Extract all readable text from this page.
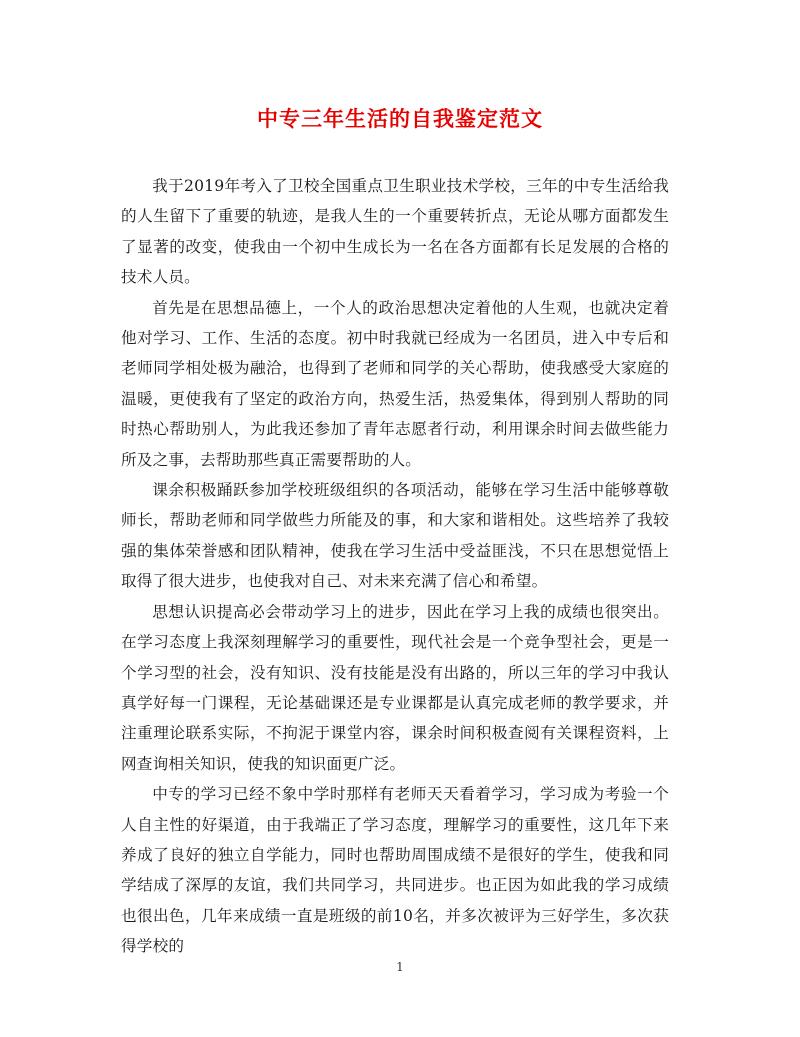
中专三年生活的自我鉴定范文

我于2019年考入了卫校全国重点卫生职业技术学校，三年的中专生活给我的人生留下了重要的轨迹，是我人生的一个重要转折点，无论从哪方面都发生了显著的改变，使我由一个初中生成长为一名在各方面都有长足发展的合格的技术人员。

首先是在思想品德上，一个人的政治思想决定着他的人生观，也就决定着他对学习、工作、生活的态度。初中时我就已经成为一名团员，进入中专后和老师同学相处极为融洽，也得到了老师和同学的关心帮助，使我感受大家庭的温暖，更使我有了坚定的政治方向，热爱生活，热爱集体，得到别人帮助的同时热心帮助别人，为此我还参加了青年志愿者行动，利用课余时间去做些能力所及之事，去帮助那些真正需要帮助的人。

课余积极踊跃参加学校班级组织的各项活动，能够在学习生活中能够尊敬师长，帮助老师和同学做些力所能及的事，和大家和谐相处。这些培养了我较强的集体荣誉感和团队精神，使我在学习生活中受益匪浅，不只在思想觉悟上取得了很大进步，也使我对自己、对未来充满了信心和希望。

思想认识提高必会带动学习上的进步，因此在学习上我的成绩也很突出。在学习态度上我深刻理解学习的重要性，现代社会是一个竞争型社会，更是一个学习型的社会，没有知识、没有技能是没有出路的，所以三年的学习中我认真学好每一门课程，无论基础课还是专业课都是认真完成老师的教学要求，并注重理论联系实际，不拘泥于课堂内容，课余时间积极查阅有关课程资料，上网查询相关知识，使我的知识面更广泛。

中专的学习已经不象中学时那样有老师天天看着学习，学习成为考验一个人自主性的好渠道，由于我端正了学习态度，理解学习的重要性，这几年下来养成了良好的独立自学能力，同时也帮助周围成绩不是很好的学生，使我和同学结成了深厚的友谊，我们共同学习，共同进步。也正因为如此我的学习成绩也很出色，几年来成绩一直是班级的前10名，并多次被评为三好学生，多次获得学校的

1
